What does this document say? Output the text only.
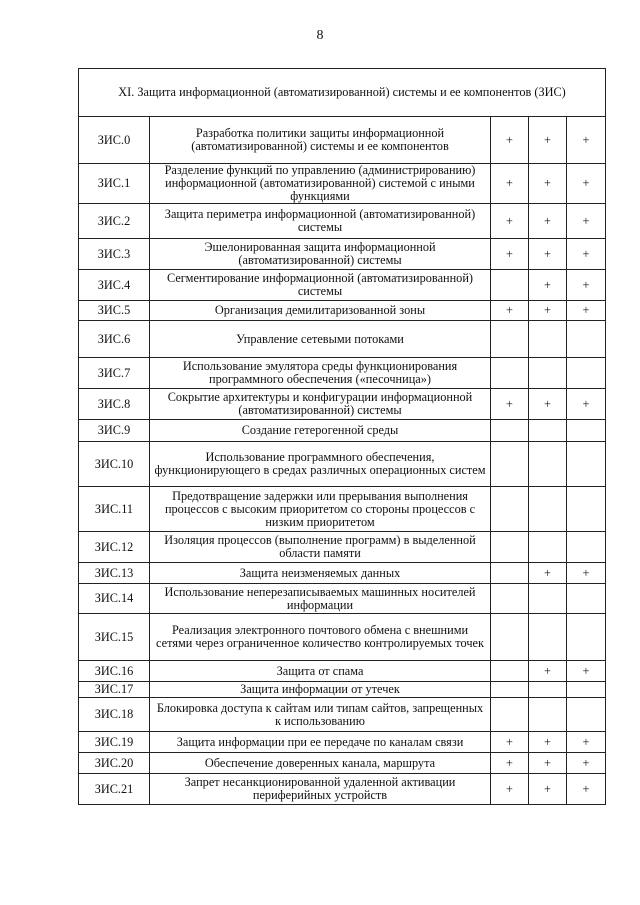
8
XI. Защита информационной (автоматизированной) системы и ее компонентов (ЗИС)				
ЗИС.0	Разработка политики защиты информационной (автоматизированной) системы и ее компонентов	+	+	+
ЗИС.1	Разделение функций по управлению (администрированию) информационной (автоматизированной) системой с иными функциями	+	+	+
ЗИС.2	Защита периметра информационной (автоматизированной) системы	+	+	+
ЗИС.3	Эшелонированная защита информационной (автоматизированной) системы	+	+	+
ЗИС.4	Сегментирование информационной (автоматизированной) системы		+	+
ЗИС.5	Организация демилитаризованной зоны	+	+	+
ЗИС.6	Управление сетевыми потоками			
ЗИС.7	Использование эмулятора среды функционирования программного обеспечения («песочница»)			
ЗИС.8	Сокрытие архитектуры и конфигурации информационной (автоматизированной) системы	+	+	+
ЗИС.9	Создание гетерогенной среды			
ЗИС.10	Использование программного обеспечения, функционирующего в средах различных операционных систем			
ЗИС.11	Предотвращение задержки или прерывания выполнения процессов с высоким приоритетом со стороны процессов с низким приоритетом			
ЗИС.12	Изоляция процессов (выполнение программ) в выделенной области памяти			
ЗИС.13	Защита неизменяемых данных		+	+
ЗИС.14	Использование неперезаписываемых машинных носителей информации			
ЗИС.15	Реализация электронного почтового обмена с внешними сетями через ограниченное количество контролируемых точек			
ЗИС.16	Защита от спама		+	+
ЗИС.17	Защита информации от утечек			
ЗИС.18	Блокировка доступа к сайтам или типам сайтов, запрещенных к использованию			
ЗИС.19	Защита информации при ее передаче по каналам связи	+	+	+
ЗИС.20	Обеспечение доверенных канала, маршрута	+	+	+
ЗИС.21	Запрет несанкционированной удаленной активации периферийных устройств	+	+	+
